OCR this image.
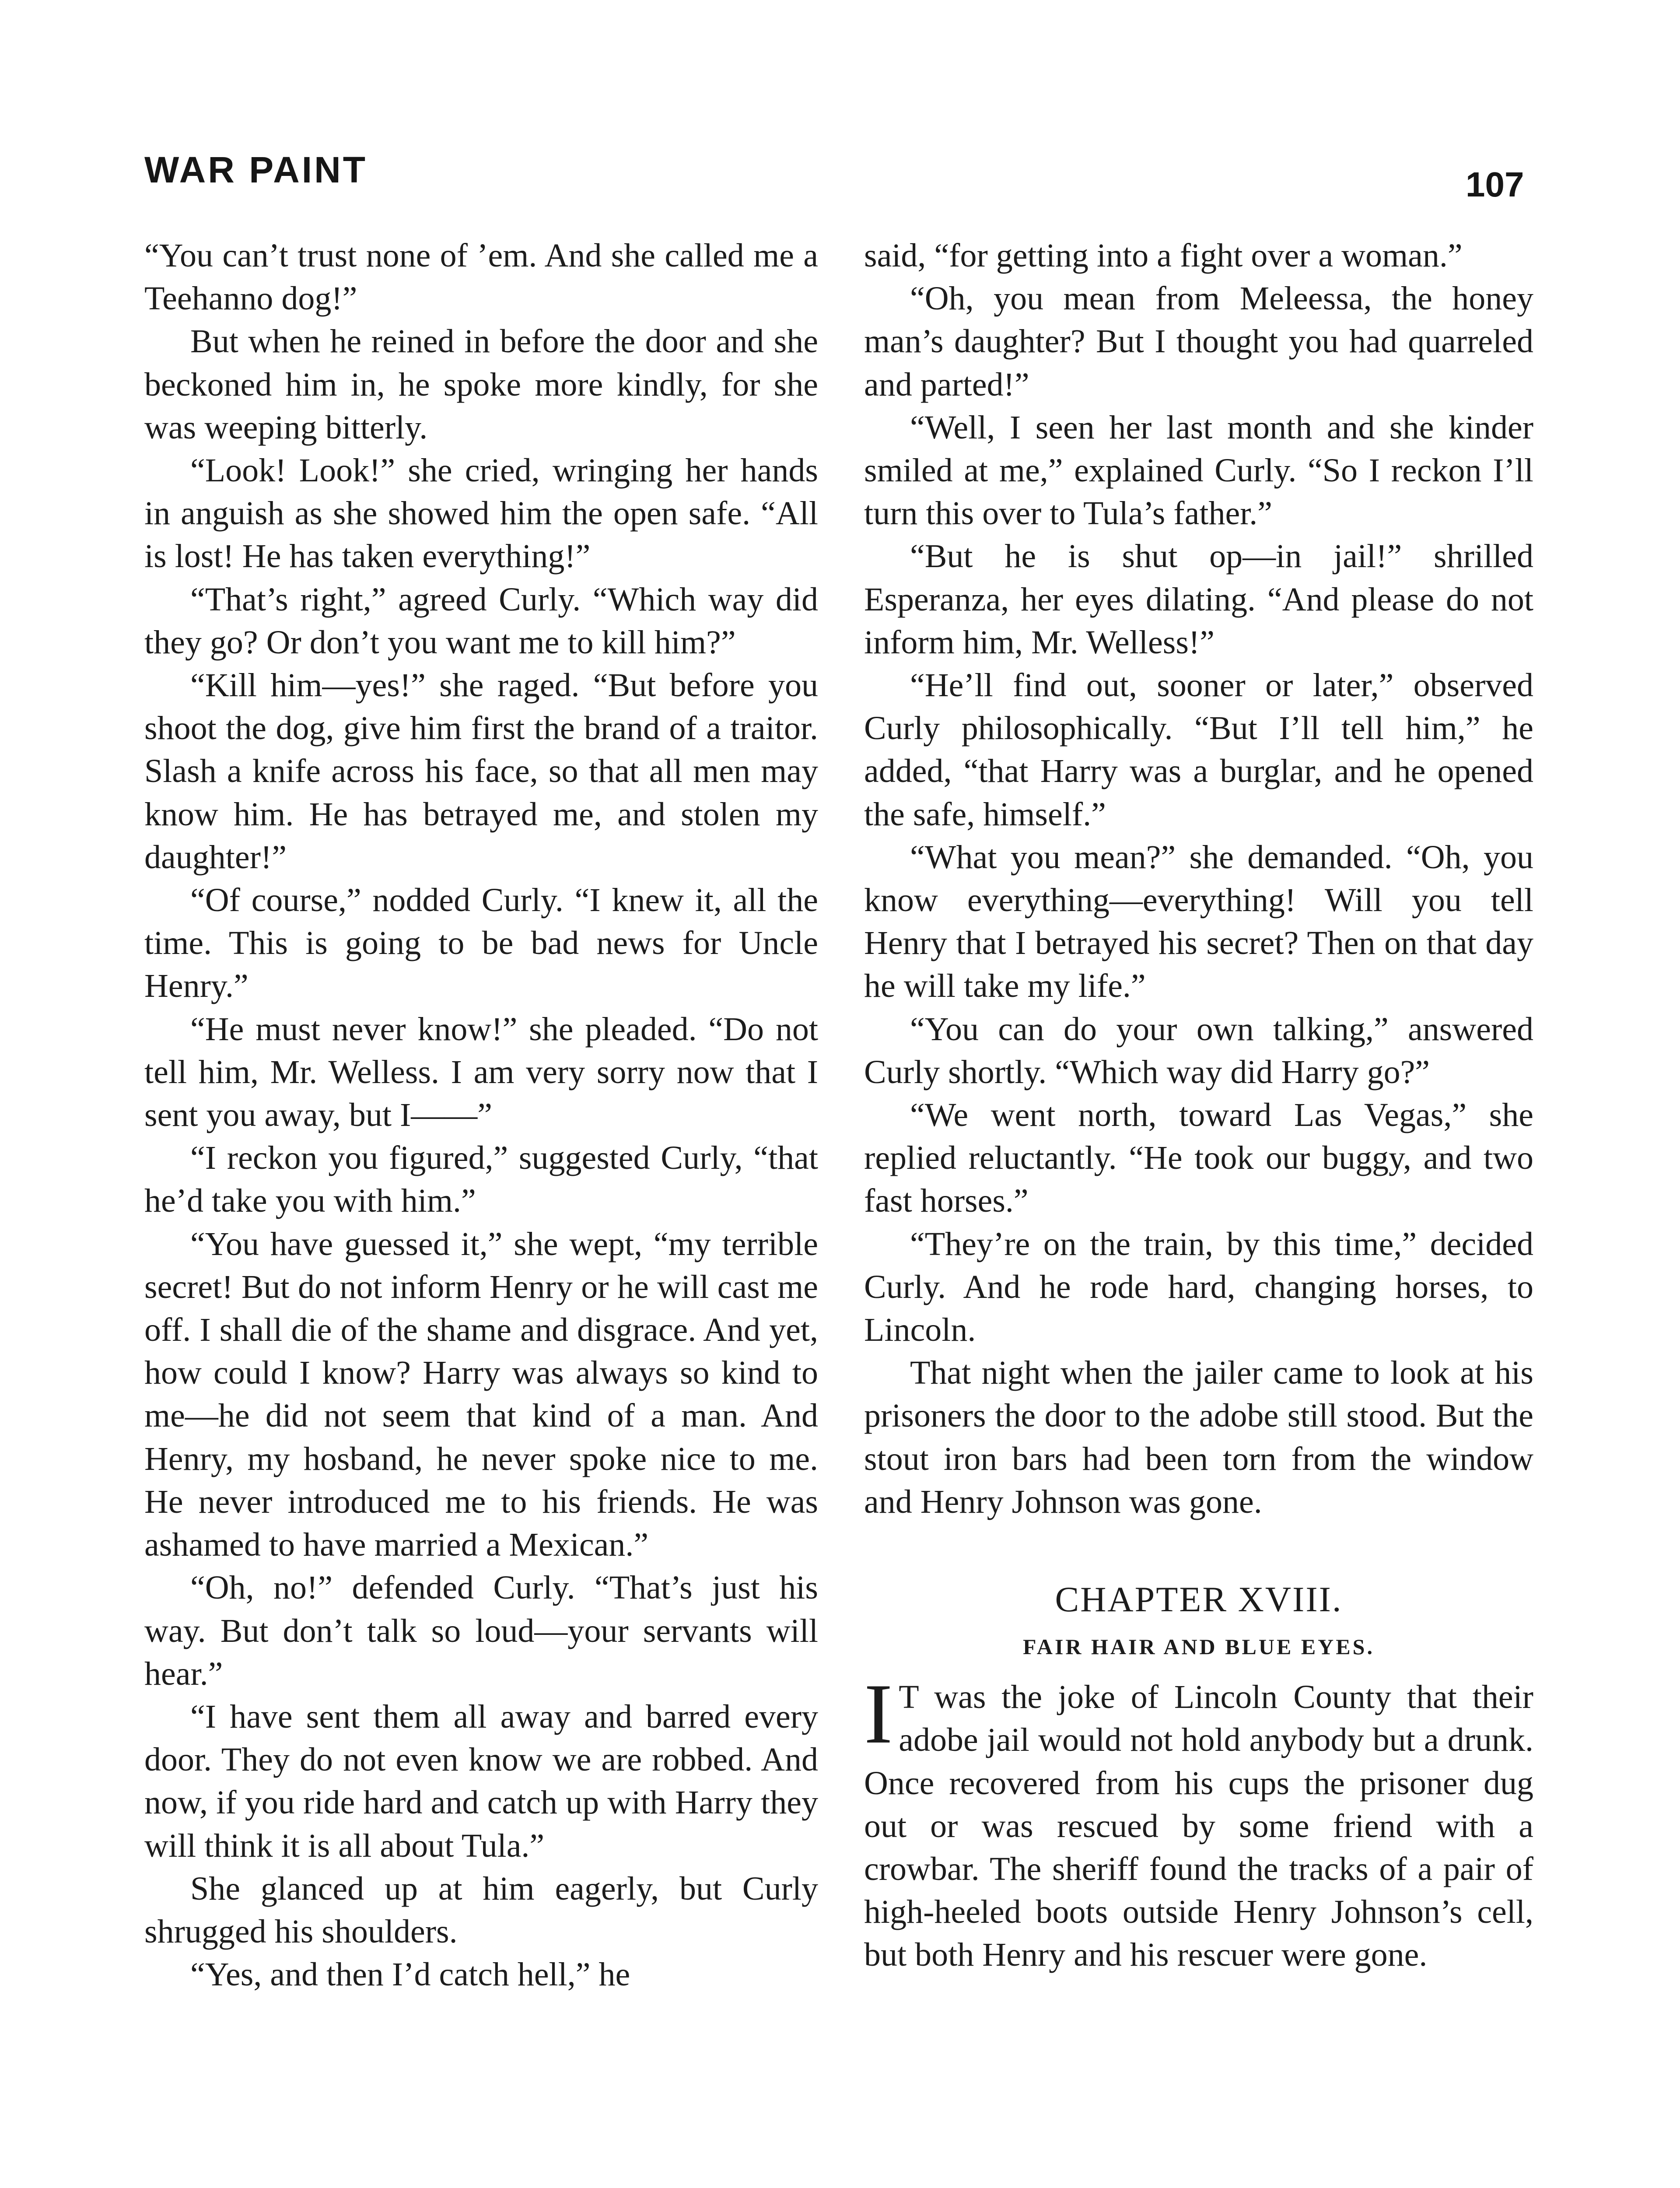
WAR PAINT	107

“You can’t trust none of ’em. And she called me a Teehanno dog!”

But when he reined in before the door and she beckoned him in, he spoke more kindly, for she was weeping bitterly.

“Look! Look!” she cried, wringing her hands in anguish as she showed him the open safe. “All is lost! He has taken everything!”

“That’s right,” agreed Curly. “Which way did they go? Or don’t you want me to kill him?”

“Kill him—yes!” she raged. “But before you shoot the dog, give him first the brand of a traitor. Slash a knife across his face, so that all men may know him. He has betrayed me, and stolen my daughter!”

“Of course,” nodded Curly. “I knew it, all the time. This is going to be bad news for Uncle Henry.”

“He must never know!” she pleaded. “Do not tell him, Mr. Welless. I am very sorry now that I sent you away, but I——”

“I reckon you figured,” suggested Curly, “that he’d take you with him.”

“You have guessed it,” she wept, “my terrible secret! But do not inform Henry or he will cast me off. I shall die of the shame and disgrace. And yet, how could I know? Harry was always so kind to me—he did not seem that kind of a man. And Henry, my hosband, he never spoke nice to me. He never introduced me to his friends. He was ashamed to have married a Mexican.”

“Oh, no!” defended Curly. “That’s just his way. But don’t talk so loud—your servants will hear.”

“I have sent them all away and barred every door. They do not even know we are robbed. And now, if you ride hard and catch up with Harry they will think it is all about Tula.”

She glanced up at him eagerly, but Curly shrugged his shoulders.

“Yes, and then I’d catch hell,” he

said, “for getting into a fight over a woman.”

“Oh, you mean from Meleessa, the honey man’s daughter? But I thought you had quarreled and parted!”

“Well, I seen her last month and she kinder smiled at me,” explained Curly. “So I reckon I’ll turn this over to Tula’s father.”

“But he is shut op—in jail!” shrilled Esperanza, her eyes dilating. “And please do not inform him, Mr. Welless!”

“He’ll find out, sooner or later,” observed Curly philosophically. “But I’ll tell him,” he added, “that Harry was a burglar, and he opened the safe, himself.”

“What you mean?” she demanded. “Oh, you know everything—everything! Will you tell Henry that I betrayed his secret? Then on that day he will take my life.”

“You can do your own talking,” answered Curly shortly. “Which way did Harry go?”

“We went north, toward Las Vegas,” she replied reluctantly. “He took our buggy, and two fast horses.”

“They’re on the train, by this time,” decided Curly. And he rode hard, changing horses, to Lincoln.

That night when the jailer came to look at his prisoners the door to the adobe still stood. But the stout iron bars had been torn from the window and Henry Johnson was gone.

CHAPTER XVIII.
FAIR HAIR AND BLUE EYES.

I T was the joke of Lincoln County that their adobe jail would not hold anybody but a drunk. Once recovered from his cups the prisoner dug out or was rescued by some friend with a crowbar. The sheriff found the tracks of a pair of high-heeled boots outside Henry Johnson’s cell, but both Henry and his rescuer were gone.
